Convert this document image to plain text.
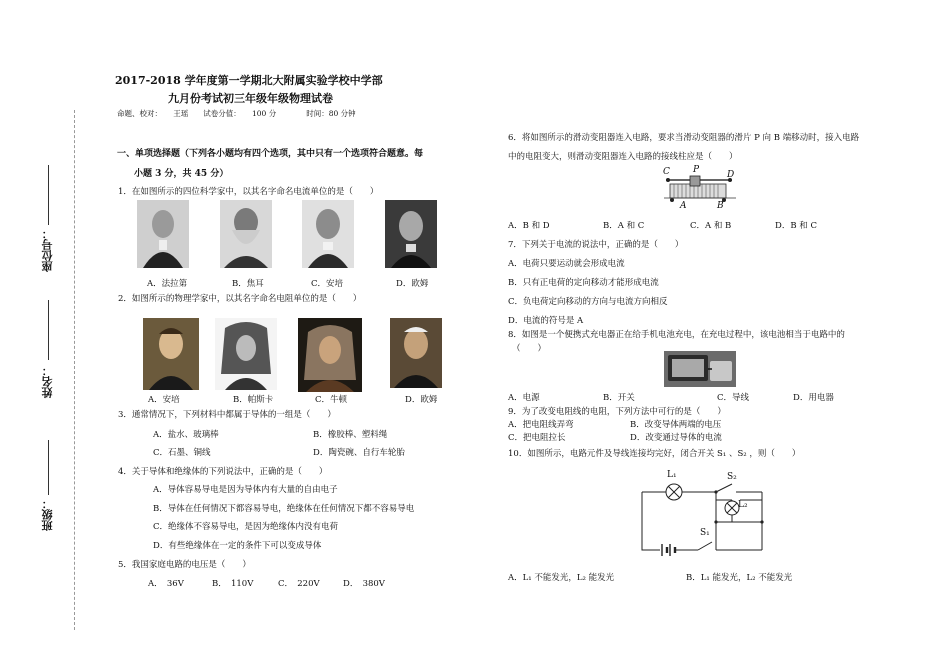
座位号：
姓名：
班级：
2017-2018 学年度第一学期北大附属实验学校中学部
九月份考试初三年级年级物理试卷
命题、校对：　　王瑶　　试卷分值：　　100 分　　　　时间：80 分钟
一、单项选择题（下列各小题均有四个选项，其中只有一个选项符合题意。每
小题 3 分，共 45 分）
1．在如图所示的四位科学家中，以其名字命名电流单位的是（　　）
A．法拉第	B．焦耳	C．安培	D．欧姆
2．如图所示的物理学家中，以其名字命名电阻单位的是（　　）
A．安培	B．帕斯卡	C．牛顿	D．欧姆
3．通常情况下，下列材料中都属于导体的一组是（　　）
A．盐水、玻璃棒	B．橡胶棒、塑料绳
C．石墨、铜线	D．陶瓷碗、自行车轮胎
4．关于导体和绝缘体的下列说法中，正确的是（　　）
A．导体容易导电是因为导体内有大量的自由电子
B．导体在任何情况下都容易导电，绝缘体在任何情况下都不容易导电
C．绝缘体不容易导电，是因为绝缘体内没有电荷
D．有些绝缘体在一定的条件下可以变成导体
5．我国家庭电路的电压是（　　）
A．　36V	B．　110V	C．　220V	D．　380V
6．将如图所示的滑动变阻器连入电路，要求当滑动变阻器的滑片 P 向 B 端移动时，接入电路
中的电阻变大，则滑动变阻器连入电路的接线柱应是（　　）
C	P	D
A	B
A．B 和 D	B．A 和 C	C．A 和 B	D．B 和 C
7．下列关于电流的说法中，正确的是（　　）
A．电荷只要运动就会形成电流
B．只有正电荷的定向移动才能形成电流
C．负电荷定向移动的方向与电流方向相反
D．电流的符号是 A
8．如图是一个便携式充电器正在给手机电池充电，在充电过程中，该电池相当于电路中的
（　　）
A．电源	B．开关	C．导线	D．用电器
9．为了改变电阻线的电阻，下列方法中可行的是（　　）
A．把电阻线弄弯	B．改变导体两端的电压
C．把电阻拉长	D．改变通过导体的电流
10．如图所示，电路元件及导线连接均完好，闭合开关 S₁ 、S₂ ，则（　　）
L₁	S₂
L₂
S₁
A．L₁ 不能发光，L₂ 能发光	B．L₁ 能发光，L₂ 不能发光
